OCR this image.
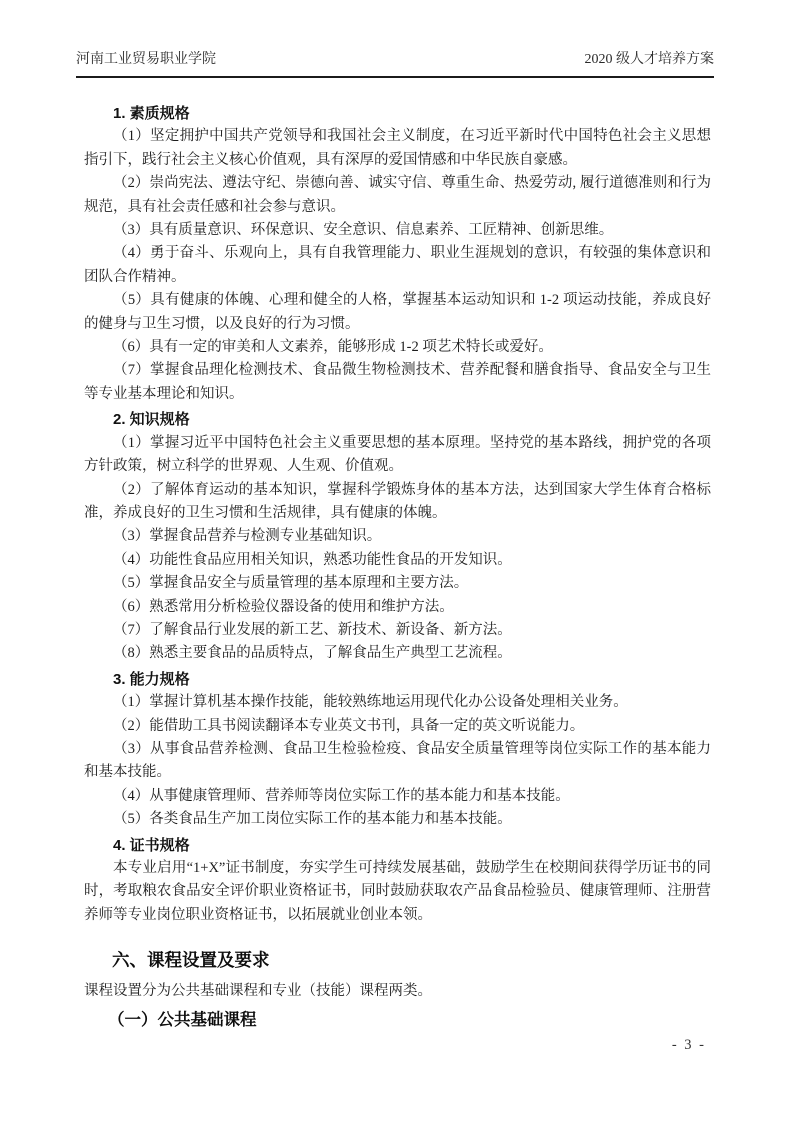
河南工业贸易职业学院	2020 级人才培养方案
1. 素质规格

（1）坚定拥护中国共产党领导和我国社会主义制度，在习近平新时代中国特色社会主义思想指引下，践行社会主义核心价值观，具有深厚的爱国情感和中华民族自豪感。

（2）崇尚宪法、遵法守纪、崇德向善、诚实守信、尊重生命、热爱劳动, 履行道德准则和行为规范，具有社会责任感和社会参与意识。

（3）具有质量意识、环保意识、安全意识、信息素养、工匠精神、创新思维。

（4）勇于奋斗、乐观向上，具有自我管理能力、职业生涯规划的意识，有较强的集体意识和团队合作精神。

（5）具有健康的体魄、心理和健全的人格，掌握基本运动知识和 1-2 项运动技能，养成良好的健身与卫生习惯，以及良好的行为习惯。

（6）具有一定的审美和人文素养，能够形成 1-2 项艺术特长或爱好。

（7）掌握食品理化检测技术、食品微生物检测技术、营养配餐和膳食指导、食品安全与卫生等专业基本理论和知识。

2. 知识规格

（1）掌握习近平中国特色社会主义重要思想的基本原理。坚持党的基本路线，拥护党的各项方针政策，树立科学的世界观、人生观、价值观。

（2）了解体育运动的基本知识，掌握科学锻炼身体的基本方法，达到国家大学生体育合格标准，养成良好的卫生习惯和生活规律，具有健康的体魄。

（3）掌握食品营养与检测专业基础知识。

（4）功能性食品应用相关知识，熟悉功能性食品的开发知识。

（5）掌握食品安全与质量管理的基本原理和主要方法。

（6）熟悉常用分析检验仪器设备的使用和维护方法。

（7）了解食品行业发展的新工艺、新技术、新设备、新方法。

（8）熟悉主要食品的品质特点，了解食品生产典型工艺流程。

3. 能力规格

（1）掌握计算机基本操作技能，能较熟练地运用现代化办公设备处理相关业务。

（2）能借助工具书阅读翻译本专业英文书刊，具备一定的英文听说能力。

（3）从事食品营养检测、食品卫生检验检疫、食品安全质量管理等岗位实际工作的基本能力和基本技能。

（4）从事健康管理师、营养师等岗位实际工作的基本能力和基本技能。

（5）各类食品生产加工岗位实际工作的基本能力和基本技能。

4. 证书规格

本专业启用“1+X”证书制度，夯实学生可持续发展基础，鼓励学生在校期间获得学历证书的同时，考取粮农食品安全评价职业资格证书，同时鼓励获取农产品食品检验员、健康管理师、注册营养师等专业岗位职业资格证书，以拓展就业创业本领。

六、课程设置及要求

课程设置分为公共基础课程和专业（技能）课程两类。

（一）公共基础课程
- 3 -
